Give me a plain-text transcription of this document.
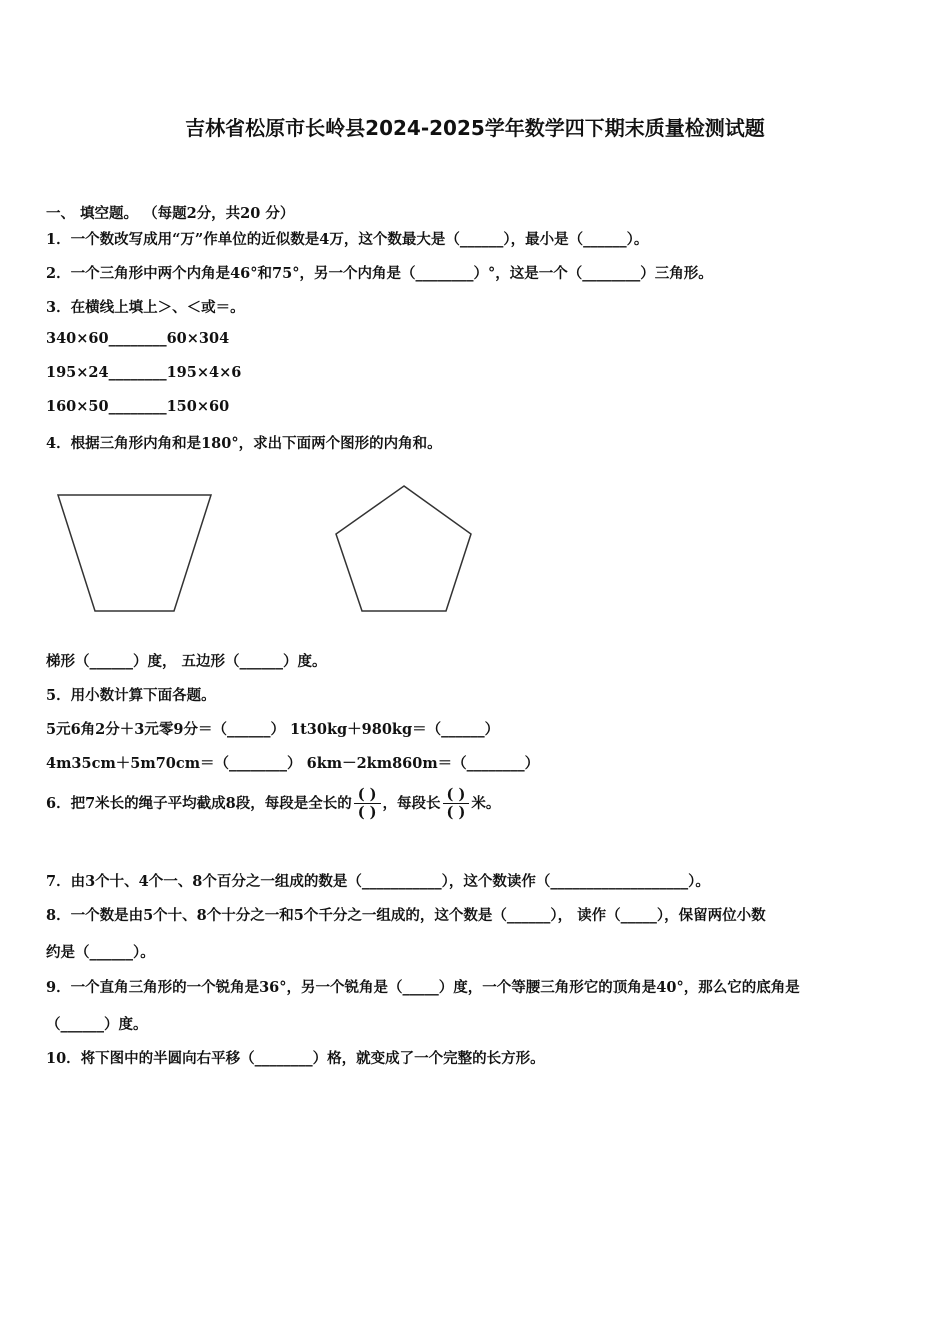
吉林省松原市长岭县2024-2025学年数学四下期末质量检测试题
一、 填空题。 （每题2分，共20 分）
1．一个数改写成用“万”作单位的近似数是4万，这个数最大是（______），最小是（______）。
2．一个三角形中两个内角是46°和75°，另一个内角是（________）°，这是一个（________）三角形。
3．在横线上填上＞、＜或＝。
340×60________60×304
195×24________195×4×6
160×50________150×60
4．根据三角形内角和是180°，求出下面两个图形的内角和。
梯形（______）度， 五边形（______）度。
5．用小数计算下面各题。
5元6角2分＋3元零9分＝（______） 1t30kg＋980kg＝（______）
4m35cm＋5m70cm＝（________） 6km－2km860m＝（________）
6．把7米长的绳子平均截成8段，每段是全长的 $\frac{( )}{( )}$ ，每段长 $\frac{( )}{( )}$ 米。
7．由3个十、4个一、8个百分之一组成的数是（___________），这个数读作（___________________）。
8．一个数是由5个十、8个十分之一和5个千分之一组成的，这个数是（______）， 读作（_____），保留两位小数
约是（______）。
9．一个直角三角形的一个锐角是36°，另一个锐角是（_____）度，一个等腰三角形它的顶角是40°，那么它的底角是
（______）度。
10．将下图中的半圆向右平移（________）格，就变成了一个完整的长方形。
